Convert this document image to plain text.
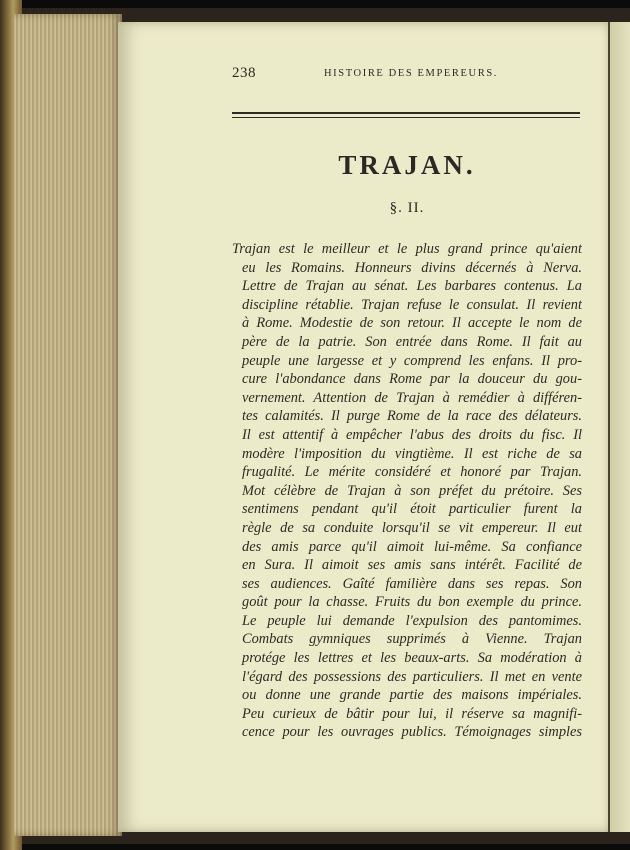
238	HISTOIRE DES EMPEREURS.
TRAJAN.
§. II.
Trajan est le meilleur et le plus grand prince qu'aient
eu les Romains. Honneurs divins décernés à Nerva.
Lettre de Trajan au sénat. Les barbares contenus. La
discipline rétablie. Trajan refuse le consulat. Il revient
à Rome. Modestie de son retour. Il accepte le nom de
père de la patrie. Son entrée dans Rome. Il fait au
peuple une largesse et y comprend les enfans. Il pro-
cure l'abondance dans Rome par la douceur du gou-
vernement. Attention de Trajan à remédier à différen-
tes calamités. Il purge Rome de la race des délateurs.
Il est attentif à empêcher l'abus des droits du fisc. Il
modère l'imposition du vingtième. Il est riche de sa
frugalité. Le mérite considéré et honoré par Trajan.
Mot célèbre de Trajan à son préfet du prétoire. Ses
sentimens pendant qu'il étoit particulier furent la
règle de sa conduite lorsqu'il se vit empereur. Il eut
des amis parce qu'il aimoit lui-même. Sa confiance
en Sura. Il aimoit ses amis sans intérêt. Facilité de
ses audiences. Gaîté familière dans ses repas. Son
goût pour la chasse. Fruits du bon exemple du prince.
Le peuple lui demande l'expulsion des pantomimes.
Combats gymniques supprimés à Vienne. Trajan
protége les lettres et les beaux-arts. Sa modération à
l'égard des possessions des particuliers. Il met en vente
ou donne une grande partie des maisons impériales.
Peu curieux de bâtir pour lui, il réserve sa magnifi-
cence pour les ouvrages publics. Témoignages simples
